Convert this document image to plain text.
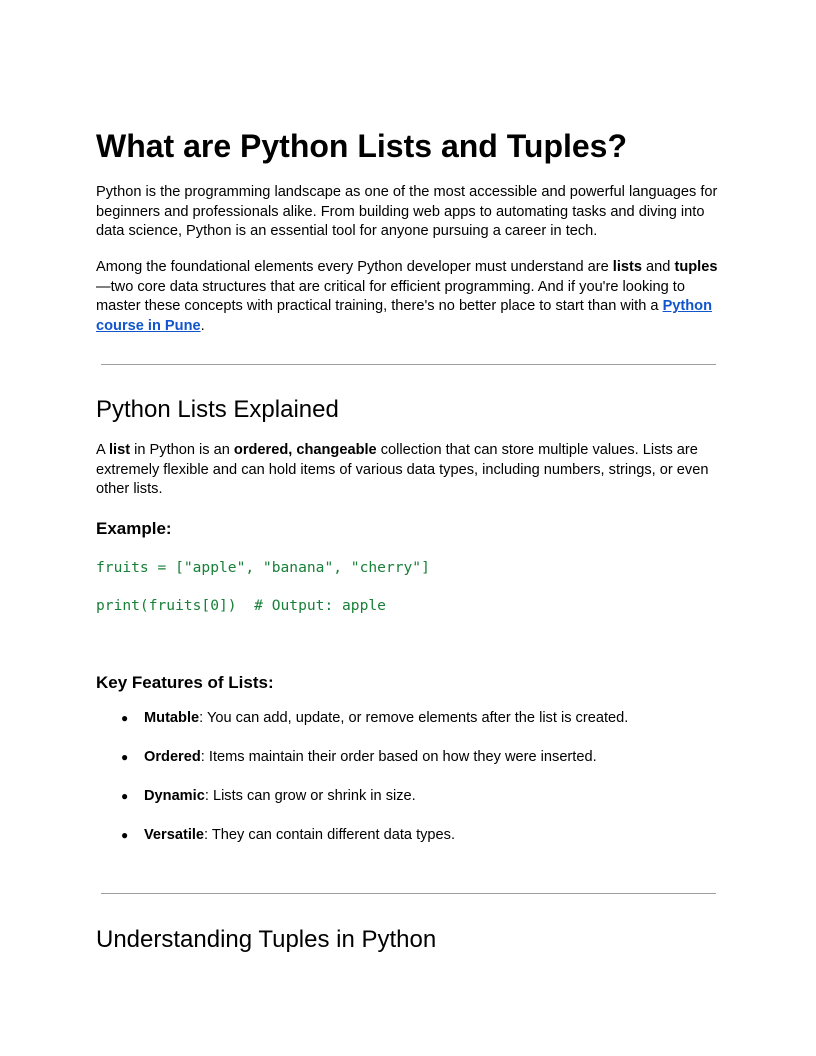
What are Python Lists and Tuples?

Python is the programming landscape as one of the most accessible and powerful languages for beginners and professionals alike. From building web apps to automating tasks and diving into data science, Python is an essential tool for anyone pursuing a career in tech.

Among the foundational elements every Python developer must understand are lists and tuples—two core data structures that are critical for efficient programming. And if you're looking to master these concepts with practical training, there's no better place to start than with a Python course in Pune.

Python Lists Explained

A list in Python is an ordered, changeable collection that can store multiple values. Lists are extremely flexible and can hold items of various data types, including numbers, strings, or even other lists.

Example:
fruits = ["apple", "banana", "cherry"]
print(fruits[0])  # Output: apple
Key Features of Lists:
● Mutable: You can add, update, or remove elements after the list is created.
● Ordered: Items maintain their order based on how they were inserted.
● Dynamic: Lists can grow or shrink in size.
● Versatile: They can contain different data types.
Understanding Tuples in Python
